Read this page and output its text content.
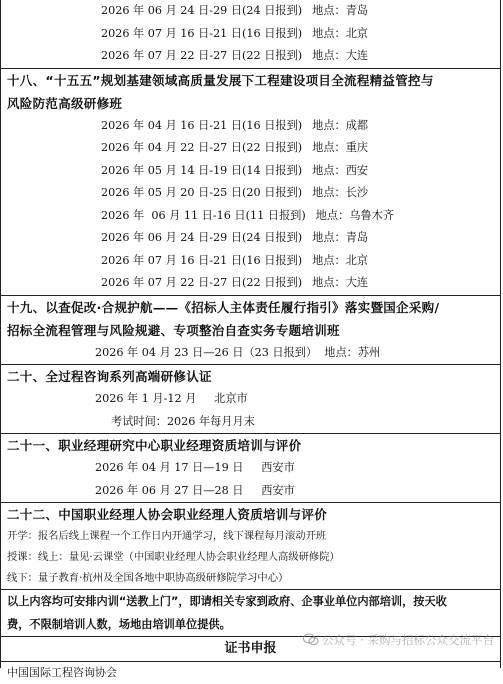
2026 年 06 月 24 日-29 日(24 日报到) 地点：青岛
2026 年 07 月 16 日-21 日(16 日报到) 地点：北京
2026 年 07 月 22 日-27 日(22 日报到) 地点：大连
十八、“十五五”规划基建领域高质量发展下工程建设项目全流程精益管控与
风险防范高级研修班
2026 年 04 月 16 日-21 日(16 日报到) 地点：成都
2026 年 04 月 22 日-27 日(22 日报到) 地点：重庆
2026 年 05 月 14 日-19 日(14 日报到) 地点：西安
2026 年 05 月 20 日-25 日(20 日报到) 地点：长沙
2026 年  06 月 11 日-16 日(11 日报到) 地点：乌鲁木齐
2026 年 06 月 24 日-29 日(24 日报到) 地点：青岛
2026 年 07 月 16 日-21 日(16 日报到) 地点：北京
2026 年 07 月 22 日-27 日(22 日报到) 地点：大连
十九、以查促改·合规护航——《招标人主体责任履行指引》落实暨国企采购/
招标全流程管理与风险规避、专项整治自查实务专题培训班
2026 年 04 月 23 日—26 日（23 日报到）  地点：苏州
二十、全过程咨询系列高端研修认证
2026 年 1 月-12 月     北京市
考试时间：2026 年每月月末
二十一、职业经理研究中心职业经理资质培训与评价
2026 年 04 月 17 日—19 日     西安市
2026 年 06 月 27 日—28 日     西安市
二十二、中国职业经理人协会职业经理人资质培训与评价
开学：报名后线上课程一个工作日内开通学习，线下课程每月滚动开班
授课：线上：量见·云课堂（中国职业经理人协会职业经理人高级研修院）
线下：量子教育·杭州及全国各地中职协高级研修院学习中心）
以上内容均可安排内训“送教上门”，即请相关专家到政府、企事业单位内部培训，按天收
费，不限制培训人数，场地由培训单位提供。
证书申报
中国国际工程咨询协会
公众号 · 采购与招标公众交流平台
